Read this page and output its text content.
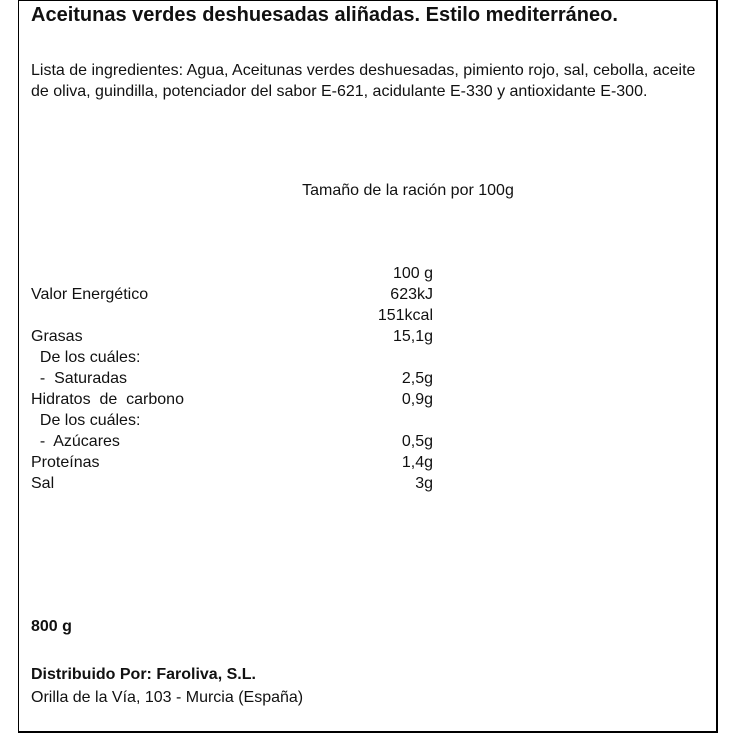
Aceitunas verdes deshuesadas aliñadas. Estilo mediterráneo.
Lista de ingredientes: Agua, Aceitunas verdes deshuesadas, pimiento rojo, sal, cebolla, aceite de oliva, guindilla, potenciador del sabor E-621, acidulante E-330 y antioxidante E-300.
Tamaño de la ración por 100g
100 g
Valor Energético	623kJ
151kcal
Grasas	15,1g
De los cuáles:
-  Saturadas	2,5g
Hidratos  de  carbono	0,9g
De los cuáles:
-  Azúcares	0,5g
Proteínas	1,4g
Sal	3g
800 g
Distribuido Por: Faroliva, S.L.
Orilla de la Vía, 103 - Murcia (España)
